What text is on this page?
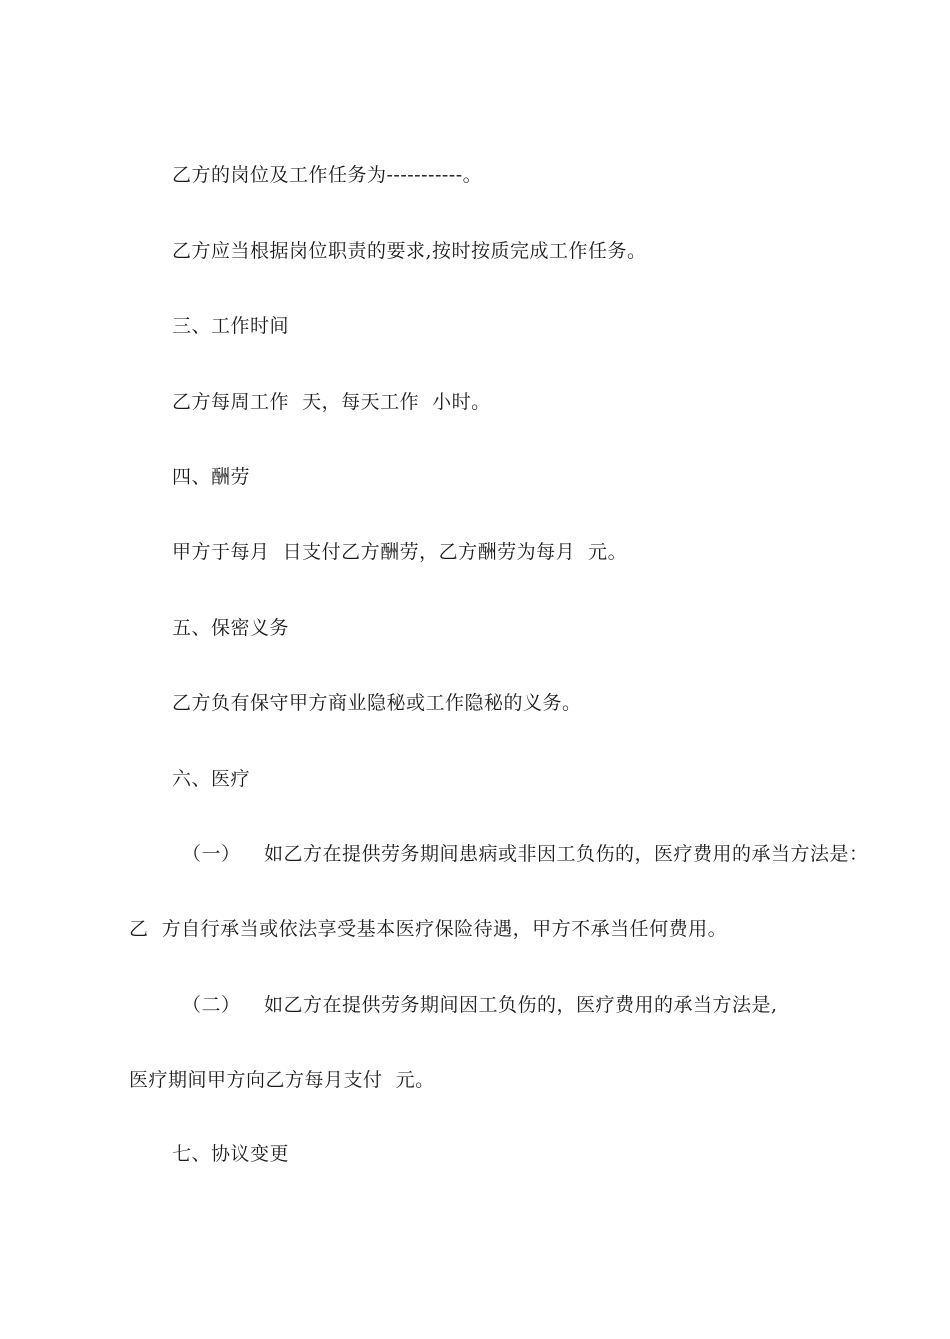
乙方的岗位及工作任务为-----------。
乙方应当根据岗位职责的要求,按时按质完成工作任务。
三、工作时间
乙方每周工作  天，每天工作  小时。
四、酬劳
甲方于每月  日支付乙方酬劳，乙方酬劳为每月  元。
五、保密义务
乙方负有保守甲方商业隐秘或工作隐秘的义务。
六、医疗
（一） 如乙方在提供劳务期间患病或非因工负伤的，医疗费用的承当方法是：
乙  方自行承当或依法享受基本医疗保险待遇，甲方不承当任何费用。
（二） 如乙方在提供劳务期间因工负伤的，医疗费用的承当方法是,
医疗期间甲方向乙方每月支付  元。
七、协议变更
